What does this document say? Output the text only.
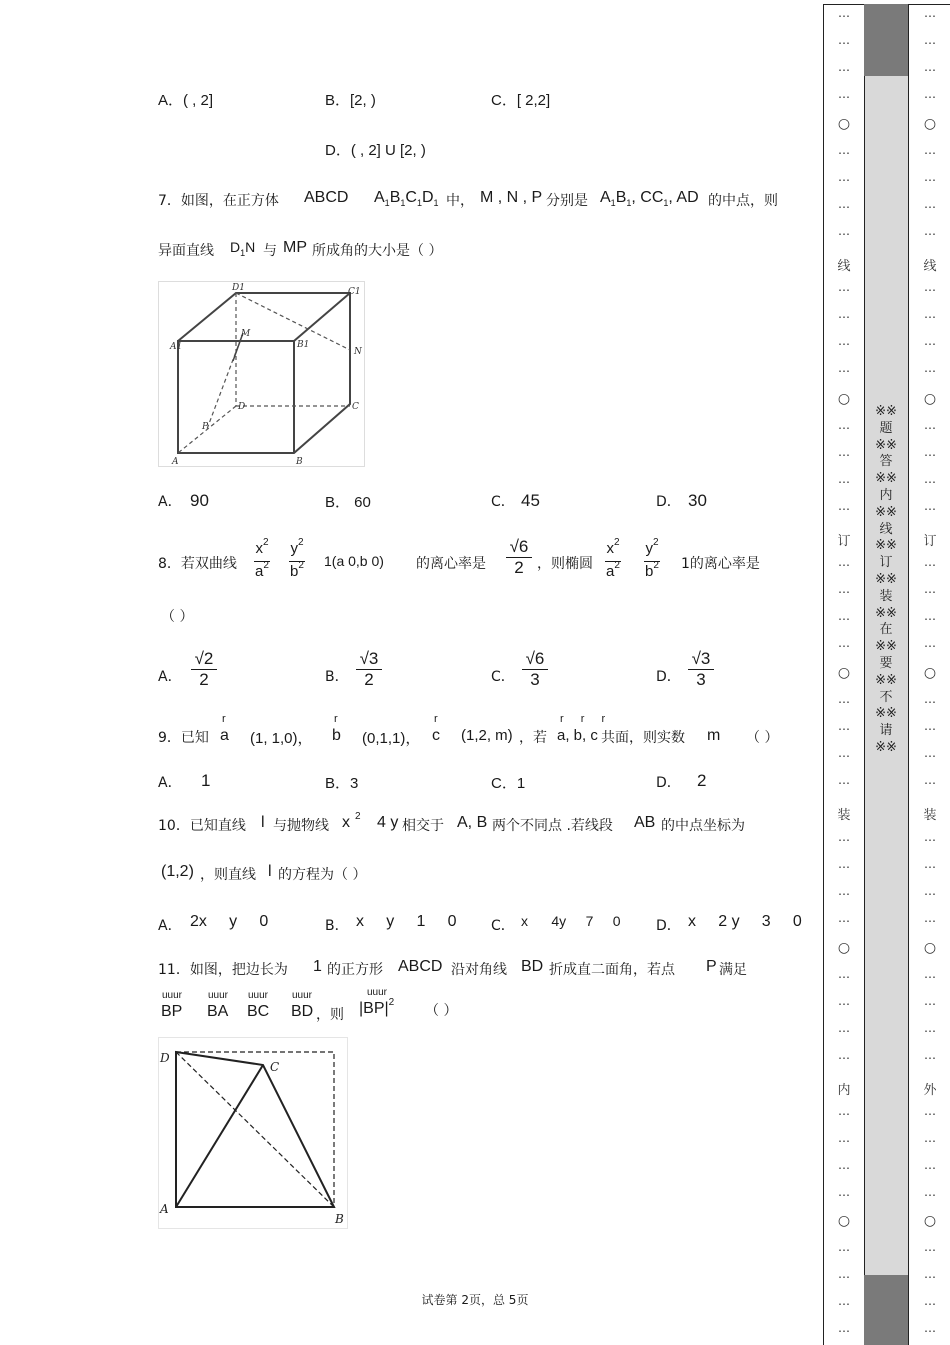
A．( , 2]	B．[2, )	C．[ 2,2]
D．( , 2] U [2, )
7．如图，在正方体 ABCD $A_1B_1C_1D_1$ 中， M , N , P 分别是 $A_1B_1$, $CC_1$, AD 的中点，则
异面直线 $D_1N$ 与 MP 所成角的大小是（ ）
D1	C1
A1	B1
M
N
D	C
P
A	B
A． 90	B． 60	C． 45	D． 30
8．若双曲线
$x^2$
$a^2$
$y^2$
$b^2$ 1(a 0,b 0) 的离心率是
√6
2 ，则椭圆
$x^2$
$a^2$
$y^2$
$b^2$ 1的离心率是
（ ）
A．
√2
2	B．
√3
2	C．
√6
3	D．
√3
3
9．已知
r
a (1, 1,0)，
r
b (0,1,1)，
r
c (1,2, m) ，若
r r r
a, b, c 共面，则实数 m （ ）
A． 1	B．3	C．1	D． 2
10．已知直线 l 与抛物线 x $^2$ 4 y 相交于 A, B 两个不同点 .若线段 AB 的中点坐标为
(1,2) ，则直线 l 的方程为（ ）
A． 2x     y     0	B． x     y     1     0 C． x      4y     7     0	D． x     2 y     3     0
11．如图，把边长为 1 的正方形 ABCD 沿对角线 BD 折成直二面角，若点 P 满足
uuur
BP
uuur
BA
uuur
BC
uuur
BD ，则
uuur
$|BP|^2$
（ ）
D
C
A
B
试卷第 2页，总 5页
※※题※※答※※内※※线※※订※※装※※在※※要※※不※※请※※
…
…
…
…
○
…
…
…
…
线
…
…
…
…
○
…
…
…
…
订
…
…
…
…
○
…
…
…
…
装
…
…
…
…
○
…
…
…
…
内
…
…
…
…
○
…
…
…
…
…
…
…
…
○
…
…
…
…
线
…
…
…
…
○
…
…
…
…
订
…
…
…
…
○
…
…
…
…
装
…
…
…
…
○
…
…
…
…
外
…
…
…
…
○
…
…
…
…
